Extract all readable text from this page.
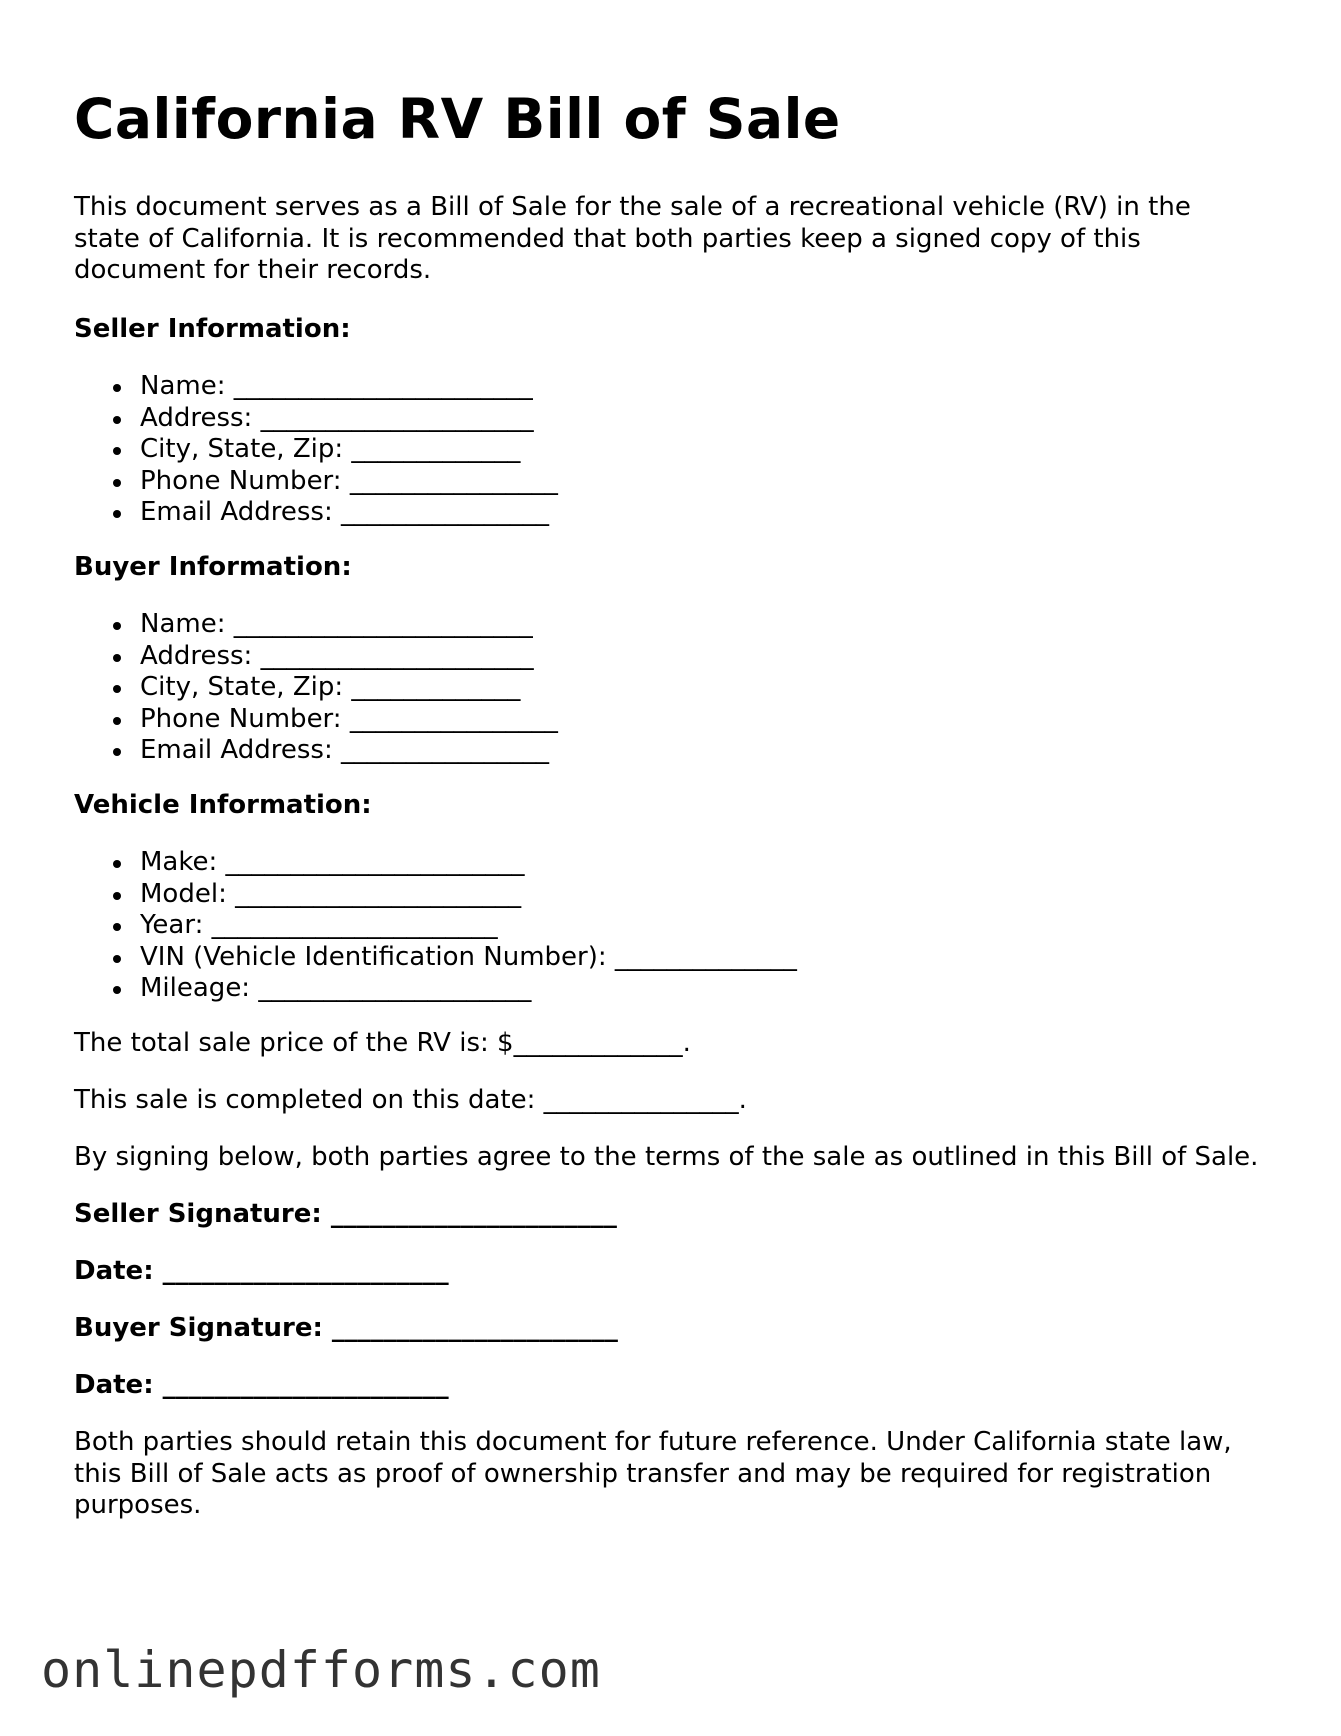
California RV Bill of Sale
This document serves as a Bill of Sale for the sale of a recreational vehicle (RV) in the
state of California. It is recommended that both parties keep a signed copy of this
document for their records.
Seller Information:
Name: _______________________
Address: _____________________
City, State, Zip: _____________
Phone Number: ________________
Email Address: ________________
Buyer Information:
Name: _______________________
Address: _____________________
City, State, Zip: _____________
Phone Number: ________________
Email Address: ________________
Vehicle Information:
Make: _______________________
Model: ______________________
Year: ______________________
VIN (Vehicle Identification Number): ______________
Mileage: _____________________
The total sale price of the RV is: $_____________.
This sale is completed on this date: _______________.
By signing below, both parties agree to the terms of the sale as outlined in this Bill of Sale.
Seller Signature: ______________________
Date: ______________________
Buyer Signature: ______________________
Date: ______________________
Both parties should retain this document for future reference. Under California state law,
this Bill of Sale acts as proof of ownership transfer and may be required for registration
purposes.
onlinepdfforms.com
